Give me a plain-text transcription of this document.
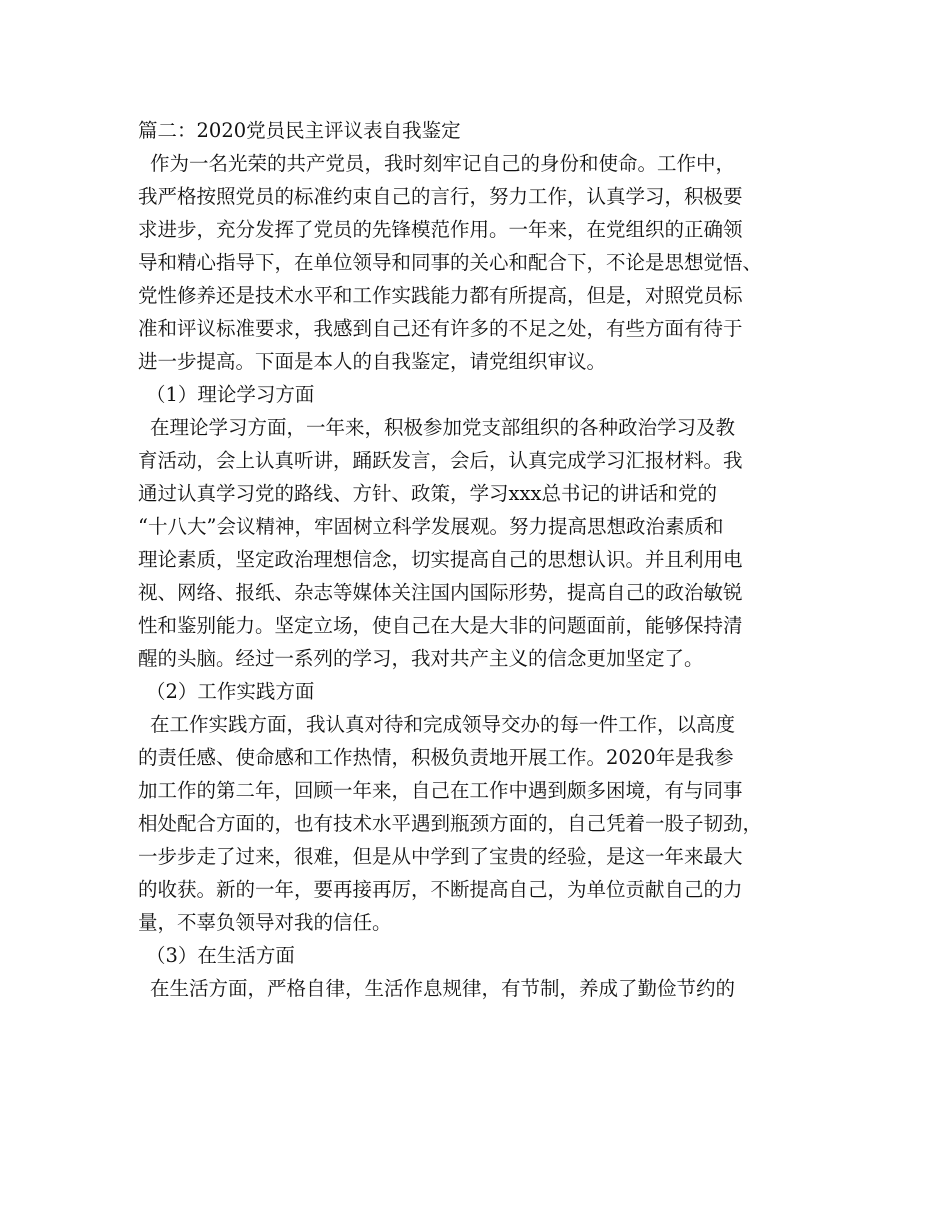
篇二：2020党员民主评议表自我鉴定
作为一名光荣的共产党员，我时刻牢记自己的身份和使命。工作中，
我严格按照党员的标准约束自己的言行，努力工作，认真学习，积极要
求进步，充分发挥了党员的先锋模范作用。一年来，在党组织的正确领
导和精心指导下，在单位领导和同事的关心和配合下，不论是思想觉悟、
党性修养还是技术水平和工作实践能力都有所提高，但是，对照党员标
准和评议标准要求，我感到自己还有许多的不足之处，有些方面有待于
进一步提高。下面是本人的自我鉴定，请党组织审议。
（1）理论学习方面
在理论学习方面，一年来，积极参加党支部组织的各种政治学习及教
育活动，会上认真听讲，踊跃发言，会后，认真完成学习汇报材料。我
通过认真学习党的路线、方针、政策，学习xxx总书记的讲话和党的
“十八大”会议精神，牢固树立科学发展观。努力提高思想政治素质和
理论素质，坚定政治理想信念，切实提高自己的思想认识。并且利用电
视、网络、报纸、杂志等媒体关注国内国际形势，提高自己的政治敏锐
性和鉴别能力。坚定立场，使自己在大是大非的问题面前，能够保持清
醒的头脑。经过一系列的学习，我对共产主义的信念更加坚定了。
（2）工作实践方面
在工作实践方面，我认真对待和完成领导交办的每一件工作，以高度
的责任感、使命感和工作热情，积极负责地开展工作。2020年是我参
加工作的第二年，回顾一年来，自己在工作中遇到颇多困境，有与同事
相处配合方面的，也有技术水平遇到瓶颈方面的，自己凭着一股子韧劲，
一步步走了过来，很难，但是从中学到了宝贵的经验，是这一年来最大
的收获。新的一年，要再接再厉，不断提高自己，为单位贡献自己的力
量，不辜负领导对我的信任。
（3）在生活方面
在生活方面，严格自律，生活作息规律，有节制，养成了勤俭节约的
